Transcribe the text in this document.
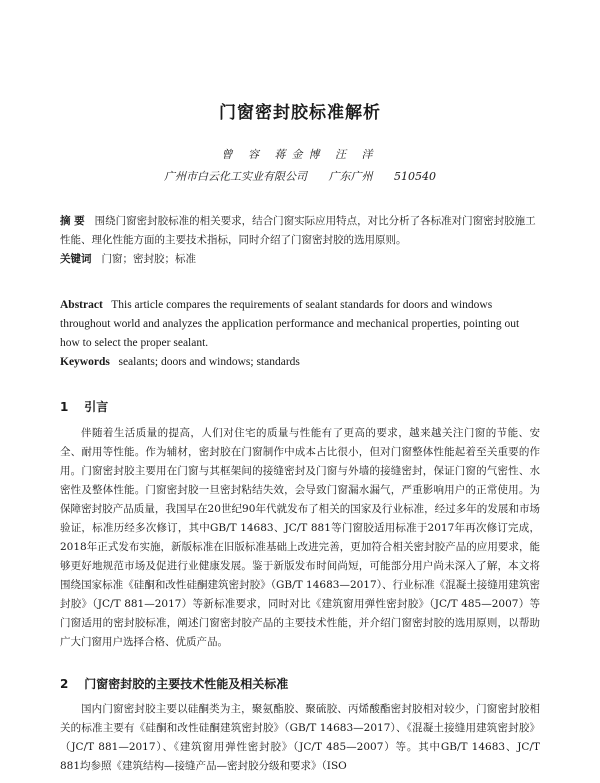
门窗密封胶标准解析
曾 容 蒋金博 汪 洋
广州市白云化工实业有限公司 广东广州 510540
摘 要 围绕门窗密封胶标准的相关要求，结合门窗实际应用特点，对比分析了各标准对门窗密封胶施工性能、理化性能方面的主要技术指标，同时介绍了门窗密封胶的选用原则。
关键词 门窗；密封胶；标准
Abstract This article compares the requirements of sealant standards for doors and windows throughout world and analyzes the application performance and mechanical properties, pointing out how to select the proper sealant.
Keywords sealants; doors and windows; standards
1 引言
伴随着生活质量的提高，人们对住宅的质量与性能有了更高的要求，越来越关注门窗的节能、安全、耐用等性能。作为辅材，密封胶在门窗制作中成本占比很小，但对门窗整体性能起着至关重要的作用。门窗密封胶主要用在门窗与其框架间的接缝密封及门窗与外墙的接缝密封，保证门窗的气密性、水密性及整体性能。门窗密封胶一旦密封粘结失效，会导致门窗漏水漏气，严重影响用户的正常使用。为保障密封胶产品质量，我国早在20世纪90年代就发布了相关的国家及行业标准，经过多年的发展和市场验证，标准历经多次修订，其中GB/T 14683、JC/T 881等门窗胶适用标准于2017年再次修订完成，2018年正式发布实施，新版标准在旧版标准基础上改进完善，更加符合相关密封胶产品的应用要求，能够更好地规范市场及促进行业健康发展。鉴于新版发布时间尚短，可能部分用户尚未深入了解，本文将围绕国家标准《硅酮和改性硅酮建筑密封胶》（GB/T 14683—2017）、行业标准《混凝土接缝用建筑密封胶》（JC/T 881—2017）等新标准要求，同时对比《建筑窗用弹性密封胶》（JC/T 485—2007）等门窗适用的密封胶标准，阐述门窗密封胶产品的主要技术性能，并介绍门窗密封胶的选用原则，以帮助广大门窗用户选择合格、优质产品。
2 门窗密封胶的主要技术性能及相关标准
国内门窗密封胶主要以硅酮类为主，聚氨酯胶、聚硫胶、丙烯酸酯密封胶相对较少，门窗密封胶相关的标准主要有《硅酮和改性硅酮建筑密封胶》（GB/T 14683—2017）、《混凝土接缝用建筑密封胶》（JC/T 881—2017）、《建筑窗用弹性密封胶》（JC/T 485—2007）等。其中GB/T 14683、JC/T 881均参照《建筑结构—接缝产品—密封胶分级和要求》（ISO
